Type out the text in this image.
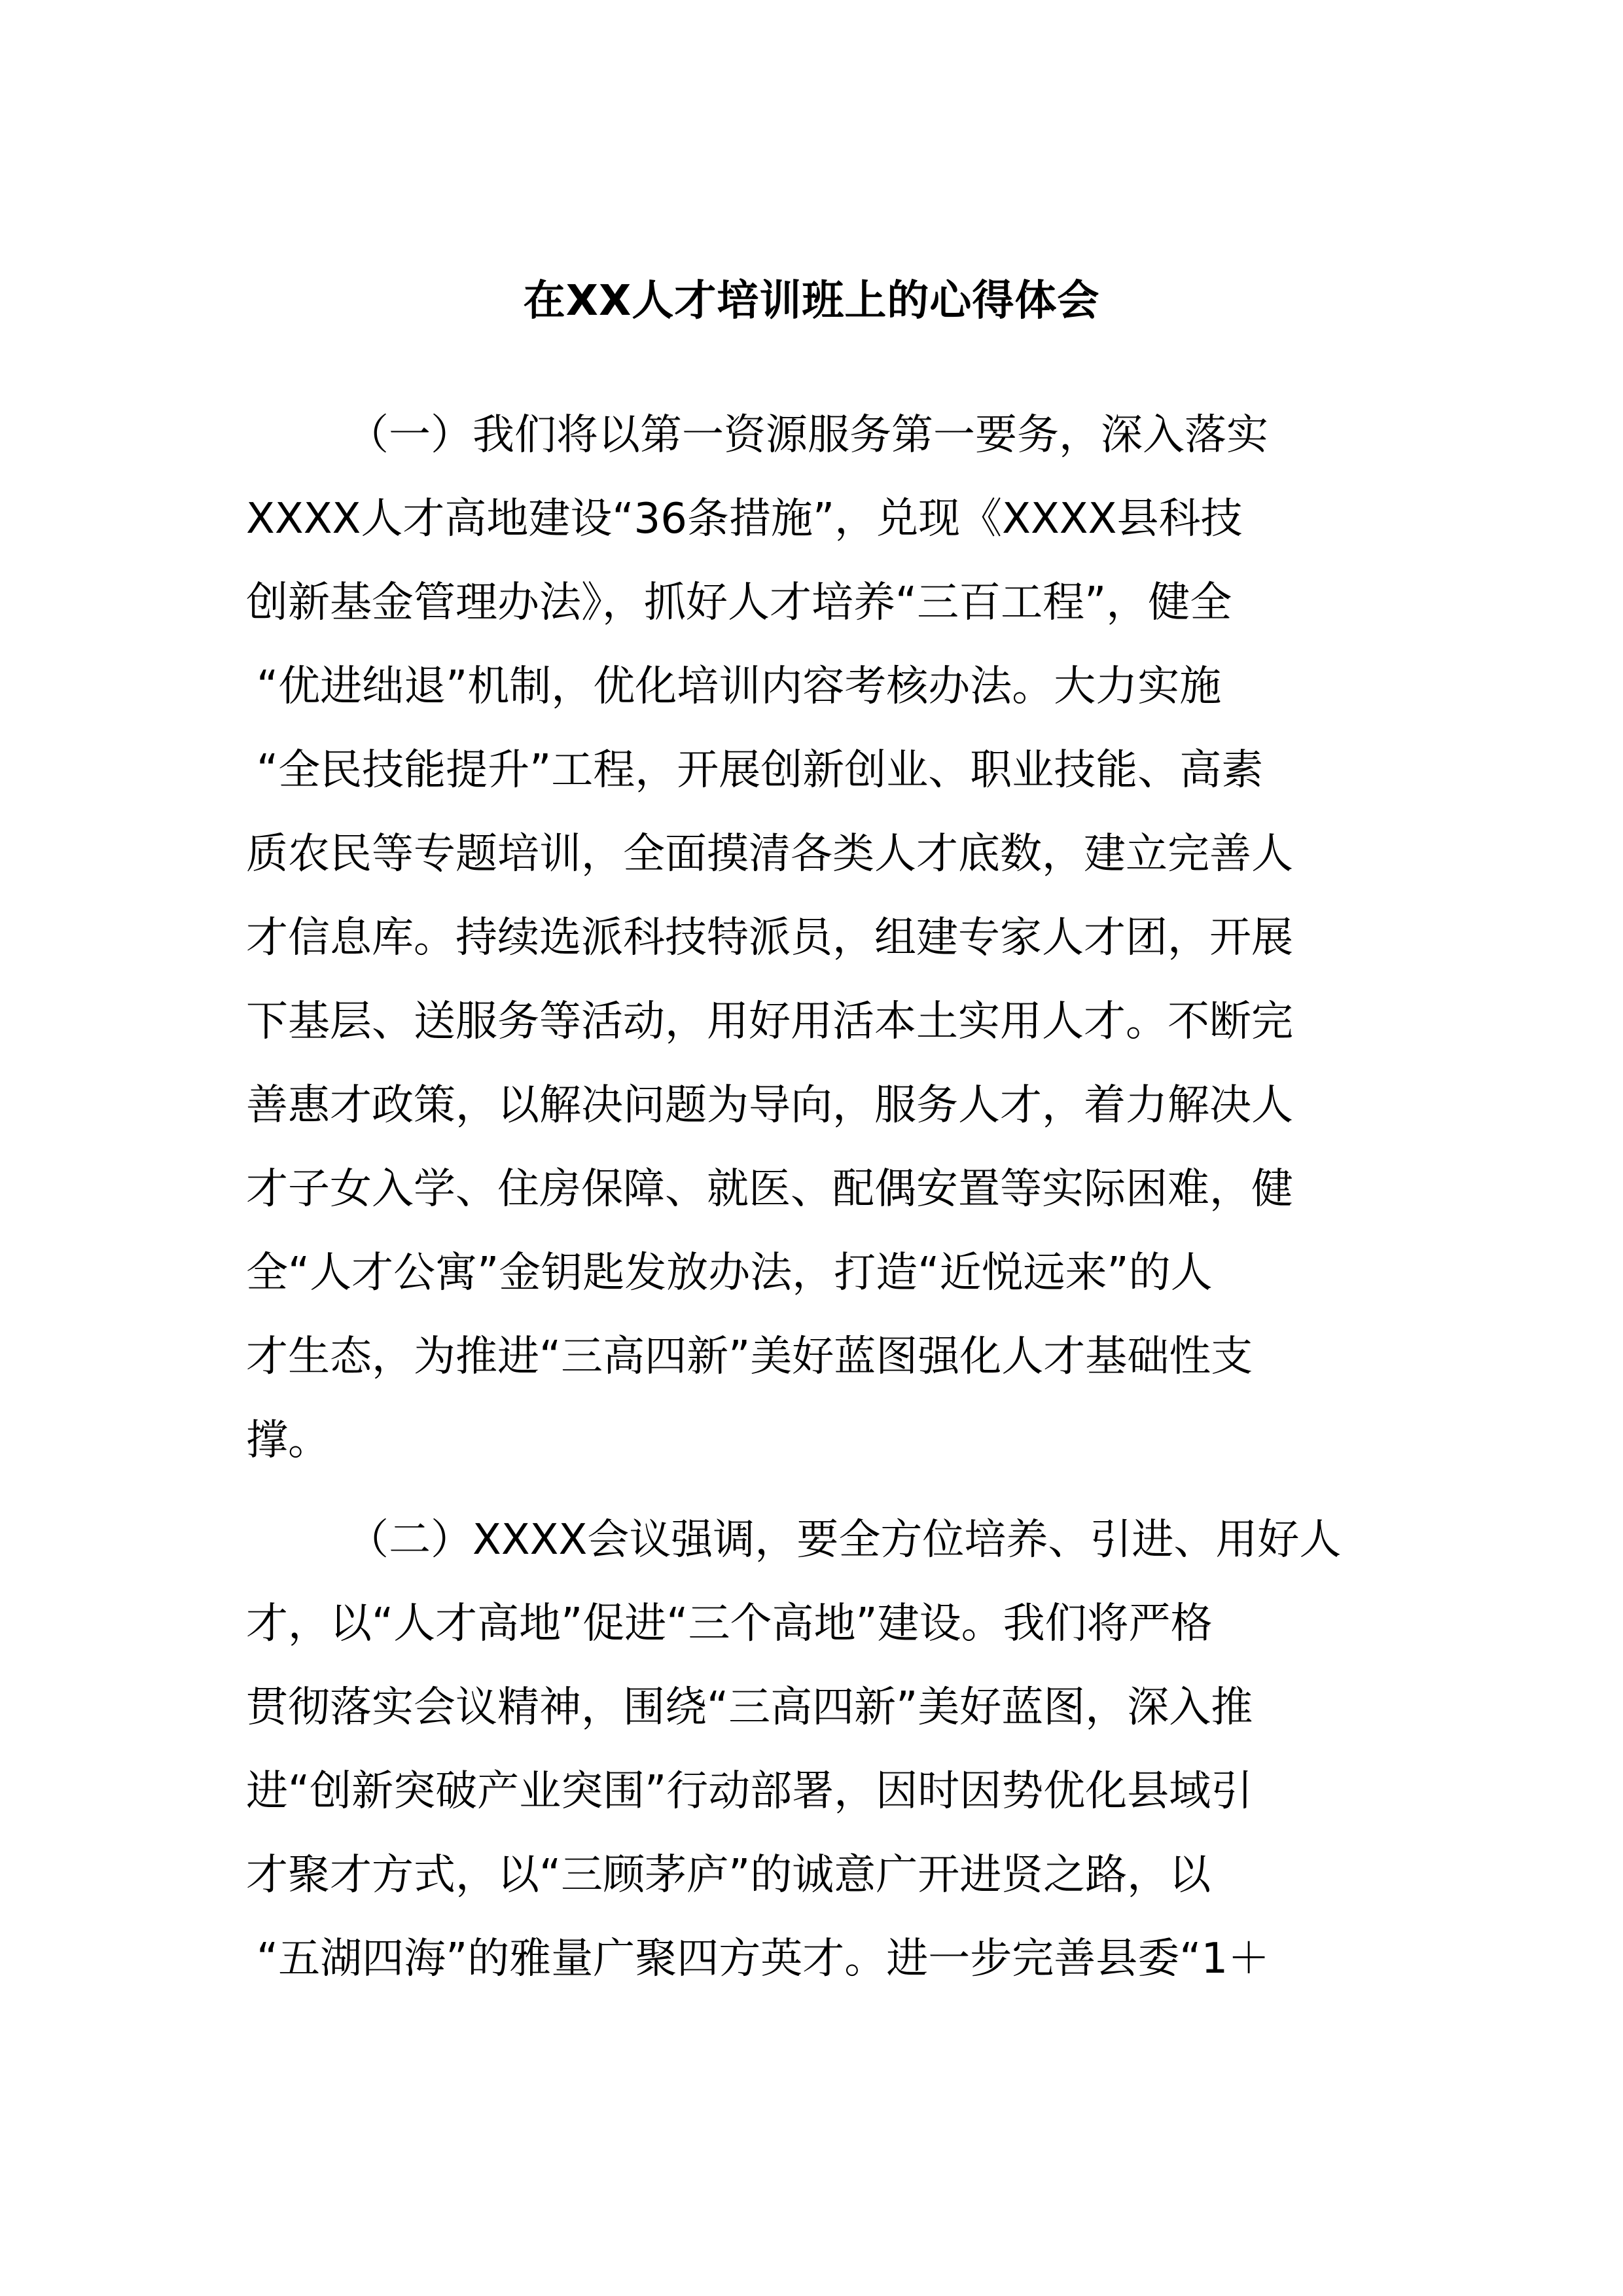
在XX人才培训班上的心得体会
（一）我们将以第一资源服务第一要务，深入落实
XXXX人才高地建设“36条措施”，兑现《XXXX县科技
创新基金管理办法》，抓好人才培养“三百工程”，健全
“优进绌退”机制，优化培训内容考核办法。大力实施
“全民技能提升”工程，开展创新创业、职业技能、高素
质农民等专题培训，全面摸清各类人才底数，建立完善人
才信息库。持续选派科技特派员，组建专家人才团，开展
下基层、送服务等活动，用好用活本土实用人才。不断完
善惠才政策，以解决问题为导向，服务人才，着力解决人
才子女入学、住房保障、就医、配偶安置等实际困难，健
全“人才公寓”金钥匙发放办法，打造“近悦远来”的人
才生态，为推进“三高四新”美好蓝图强化人才基础性支
撑。
（二）XXXX会议强调，要全方位培养、引进、用好人
才，以“人才高地”促进“三个高地”建设。我们将严格
贯彻落实会议精神，围绕“三高四新”美好蓝图，深入推
进“创新突破产业突围”行动部署，因时因势优化县域引
才聚才方式，以“三顾茅庐”的诚意广开进贤之路，以
“五湖四海”的雅量广聚四方英才。进一步完善县委“1＋
